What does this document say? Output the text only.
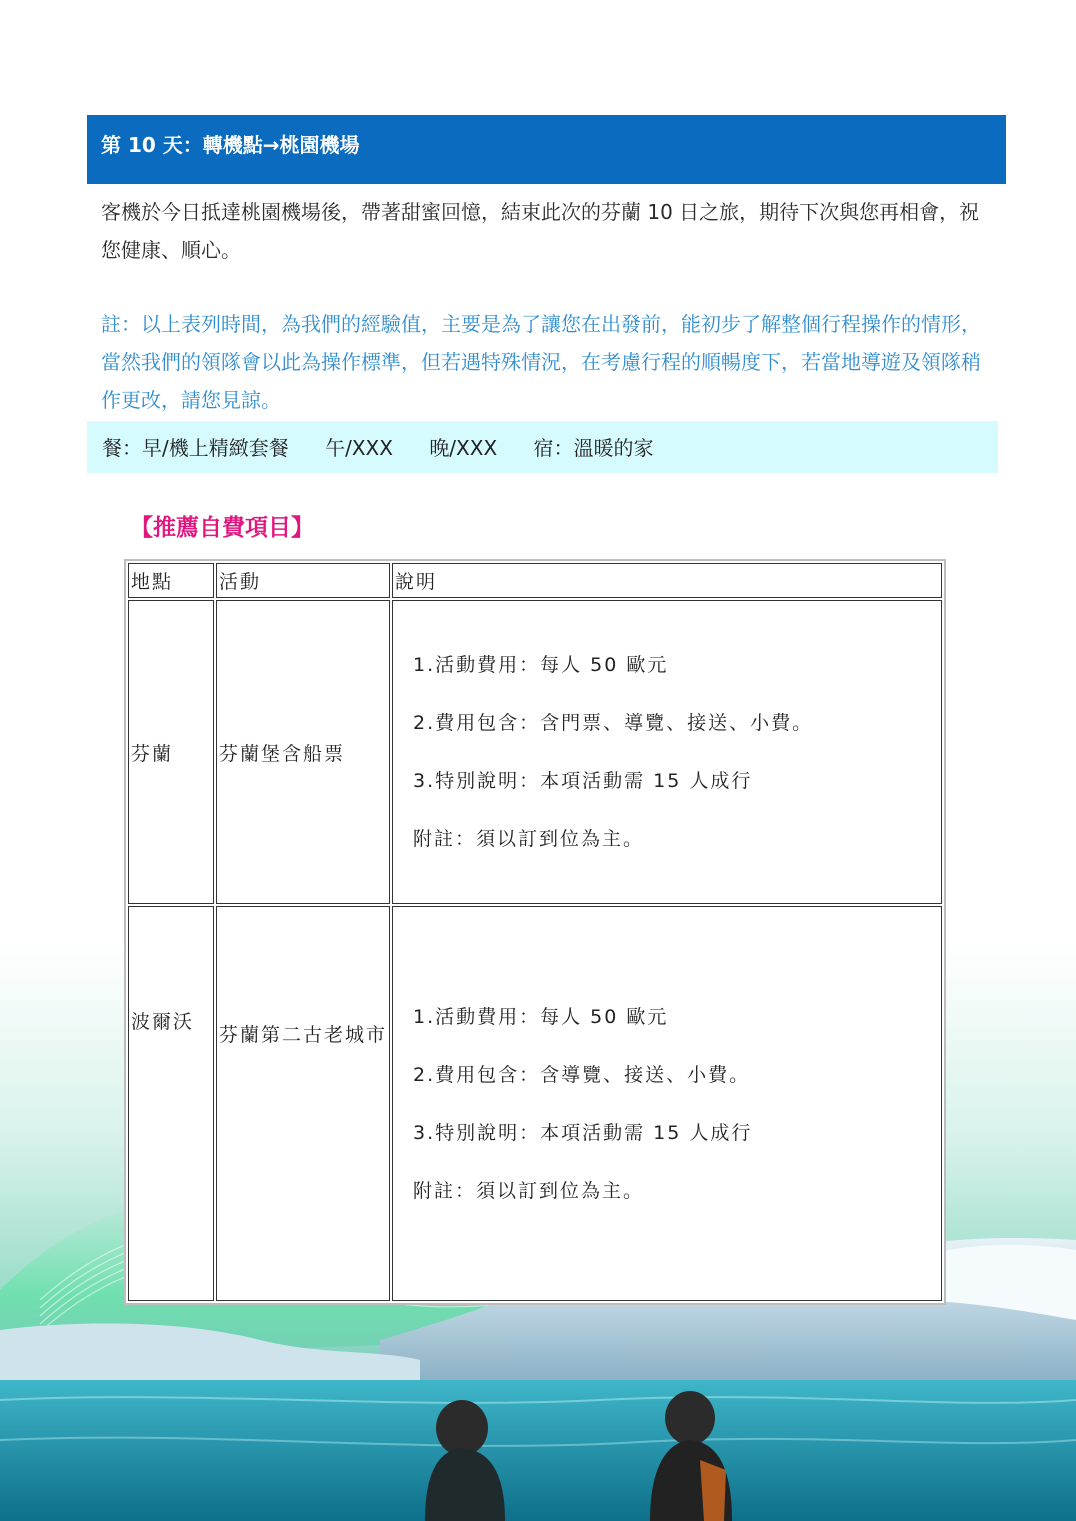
第 10 天：轉機點→桃園機場
客機於今日抵達桃園機場後，帶著甜蜜回憶，結束此次的芬蘭 10 日之旅，期待下次與您再相會，祝您健康、順心。
註：以上表列時間，為我們的經驗值，主要是為了讓您在出發前，能初步了解整個行程操作的情形，當然我們的領隊會以此為操作標準，但若遇特殊情況，在考慮行程的順暢度下，若當地導遊及領隊稍作更改，請您見諒。
餐：早/機上精緻套餐 午/XXX 晚/XXX 宿：溫暖的家
【推薦自費項目】
地點	活動	說明
芬蘭	芬蘭堡含船票	1.活動費用：每人 50 歐元

2.費用包含：含門票、導覽、接送、小費。

3.特別說明：本項活動需 15 人成行

附註：須以訂到位為主。

波爾沃	芬蘭第二古老城市	1.活動費用：每人 50 歐元

2.費用包含：含導覽、接送、小費。

3.特別說明：本項活動需 15 人成行

附註：須以訂到位為主。
